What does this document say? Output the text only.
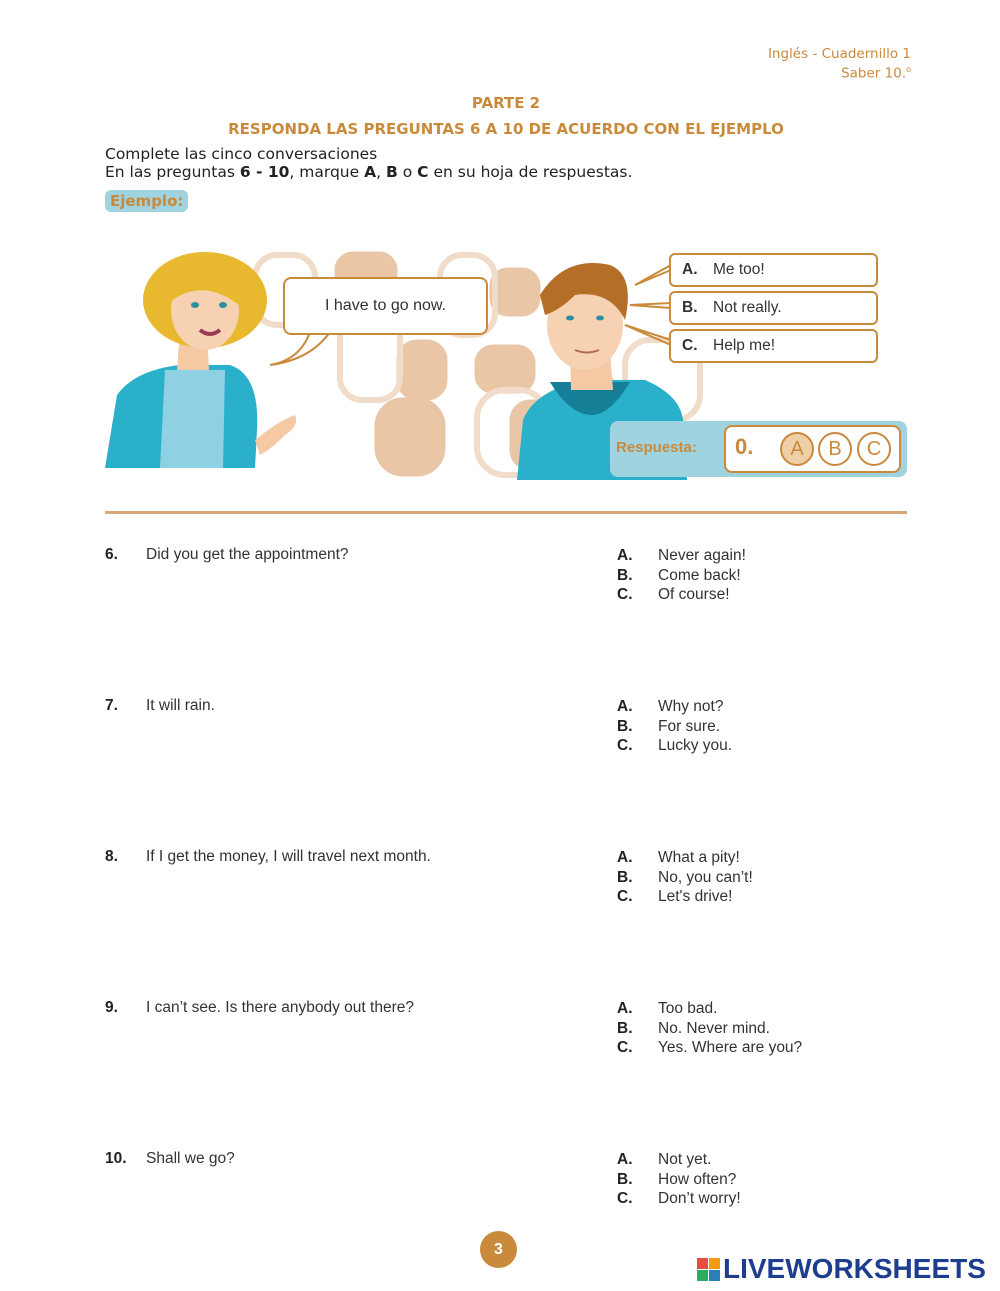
Inglés - Cuadernillo 1
Saber 10.$^o$
PARTE 2
RESPONDA LAS PREGUNTAS 6 A 10 DE ACUERDO CON EL EJEMPLO
Complete las cinco conversaciones
En las preguntas 6 - 10, marque A, B o C en su hoja de respuestas.
Ejemplo:
I have to go now.
A.	Me too!
B.	Not really.
C.	Help me!
Respuesta: 0.	A	B	C
6. Did you get the appointment?	A. Never again!
B. Come back!
C. Of course!
7. It will rain.	A. Why not?
B. For sure.
C. Lucky you.
8. If I get the money, I will travel next month.	A. What a pity!
B. No, you can’t!
C. Let's drive!
9. I can’t see. Is there anybody out there?	A. Too bad.
B. No. Never mind.
C. Yes. Where are you?
10. Shall we go?	A. Not yet.
B. How often?
C. Don’t worry!
3
LIVEWORKSHEETS
